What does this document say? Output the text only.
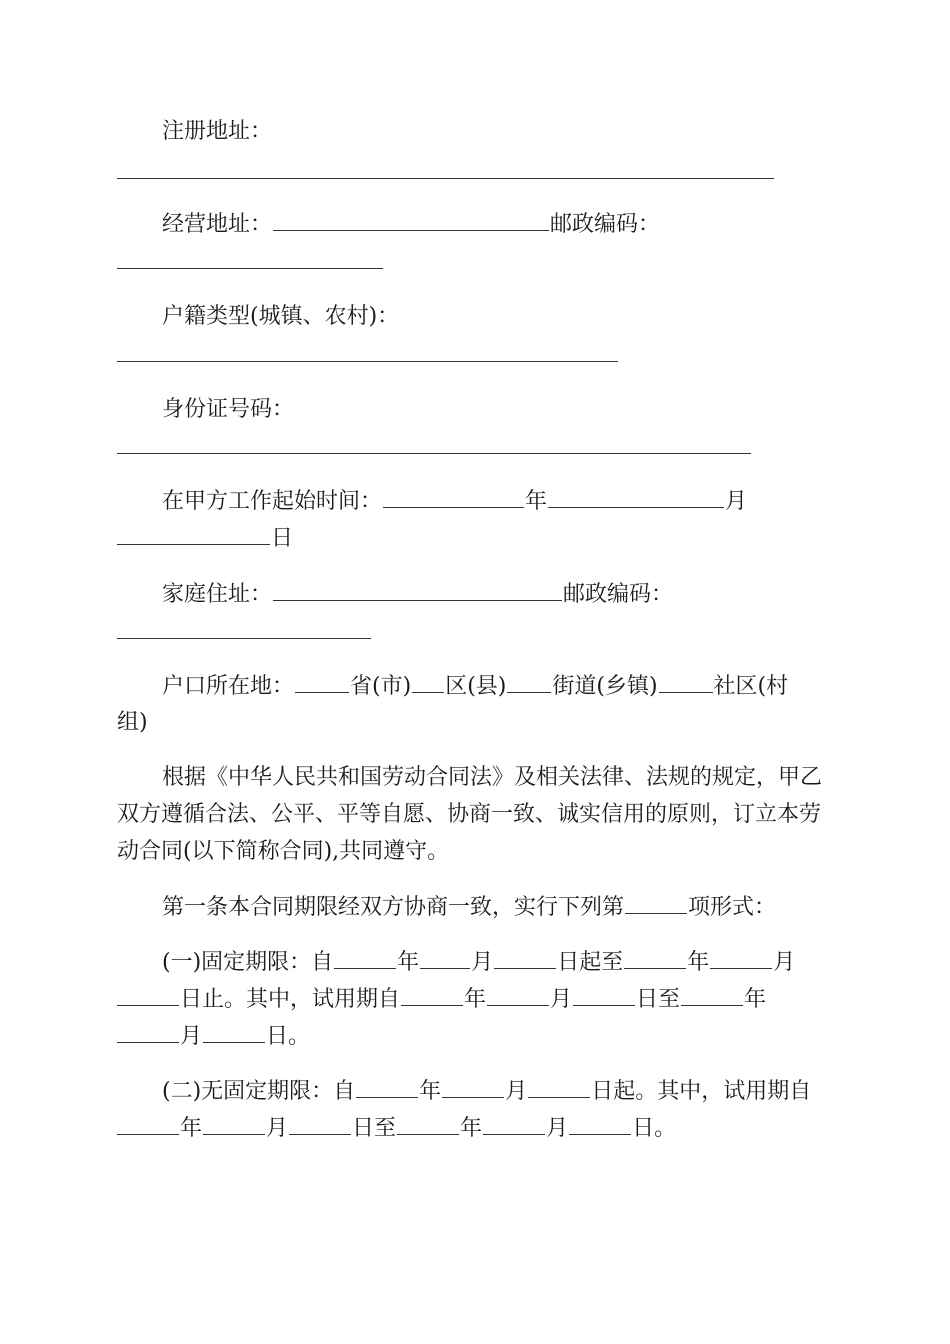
注册地址：
经营地址：	邮政编码：
户籍类型(城镇、农村)：
身份证号码：
在甲方工作起始时间：	年	月
日
家庭住址：	邮政编码：
户口所在地：	省(市) 区(县) 街道(乡镇)	社区(村
组)
根据《中华人民共和国劳动合同法》及相关法律、法规的规定，甲乙
双方遵循合法、公平、平等自愿、协商一致、诚实信用的原则，订立本劳
动合同(以下简称合同),共同遵守。
第一条本合同期限经双方协商一致，实行下列第	项形式：
(一)固定期限：自	年 月	日起至	年	月
日止。其中，试用期自	年	月	日至	年
月	日。
(二)无固定期限：自	年	月	日起。其中，试用期自
年	月	日至	年	月	日。
